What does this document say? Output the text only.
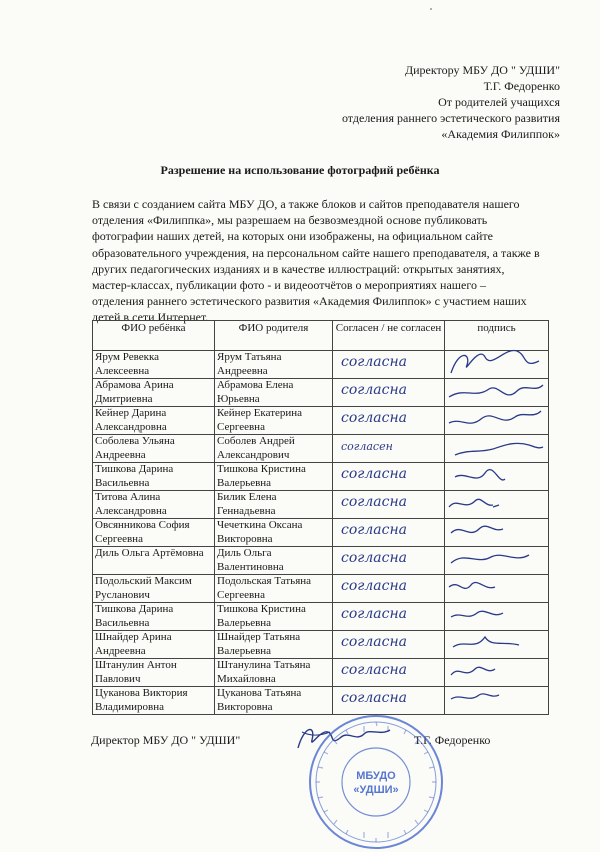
Директору МБУ ДО " УДШИ"
Т.Г. Федоренко
От родителей учащихся
отделения раннего эстетического развития
«Академия Филиппок»
Разрешение на использование фотографий ребёнка

В связи с созданием сайта МБУ ДО, а также блоков и сайтов преподавателя нашего
отделения «Филиппка», мы разрешаем на безвозмездной основе публиковать
фотографии наших детей, на которых они изображены, на официальном сайте
образовательного учреждения, на персональном сайте нашего преподавателя, а также в
других педагогических изданиях и в качестве иллюстраций: открытых занятиях,
мастер-классах, публикации фото - и видеоотчётов о мероприятиях нашего –
отделения раннего эстетического развития «Академия Филиппок» с участием наших
детей в сети Интернет.

ФИО ребёнка	ФИО родителя	Согласен / не согласен	подпись
Ярум Ревекка Алексеевна	Ярум Татьяна Андреевна	согласна

Абрамова Арина Дмитриевна	Абрамова Елена Юрьевна	согласна

Кейнер Дарина Александровна	Кейнер Екатерина Сергеевна	согласна

Соболева Ульяна Андреевна	Соболев Андрей Александрович	согласен

Тишкова Дарина Васильевна	Тишкова Кристина Валерьевна	согласна

Титова Алина Александровна	Билик Елена Геннадьевна	согласна

Овсянникова София Сергеевна	Чечеткина Оксана Викторовна	согласна

Диль Ольга Артёмовна	Диль Ольга Валентиновна	согласна

Подольский Максим Русланович	Подольская Татьяна Сергеевна	согласна

Тишкова Дарина Васильевна	Тишкова Кристина Валерьевна	согласна

Шнайдер Арина Андреевна	Шнайдер Татьяна Валерьевна	согласна

Штанулин Антон Павлович	Штанулина Татьяна Михайловна	согласна

Цуканова Виктория Владимировна	Цуканова Татьяна Викторовна	согласна

Директор МБУ ДО " УДШИ"	Т.Г. Федоренко
МБУДО
«УДШИ»
